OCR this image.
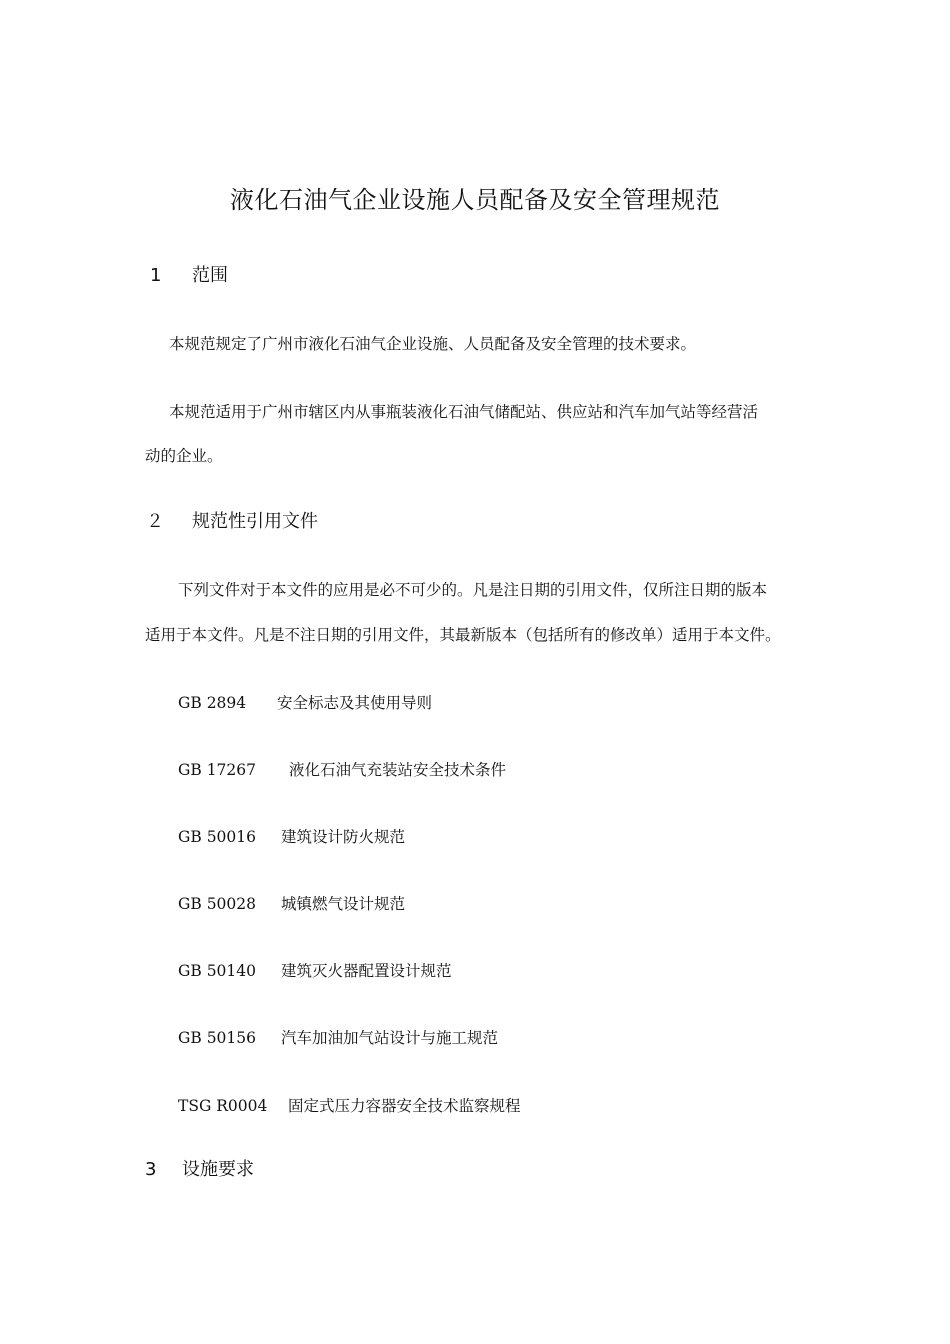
液化石油气企业设施人员配备及安全管理规范
1 范围
本规范规定了广州市液化石油气企业设施、人员配备及安全管理的技术要求。
本规范适用于广州市辖区内从事瓶装液化石油气储配站、供应站和汽车加气站等经营活
动的企业。
２ 规范性引用文件
下列文件对于本文件的应用是必不可少的。凡是注日期的引用文件，仅所注日期的版本
适用于本文件。凡是不注日期的引用文件，其最新版本（包括所有的修改单）适用于本文件。
GB 2894 安全标志及其使用导则
GB 17267 液化石油气充装站安全技术条件
GB 50016 建筑设计防火规范
GB 50028 城镇燃气设计规范
GB 50140 建筑灭火器配置设计规范
GB 50156 汽车加油加气站设计与施工规范
TSG R0004 固定式压力容器安全技术监察规程
3 设施要求
